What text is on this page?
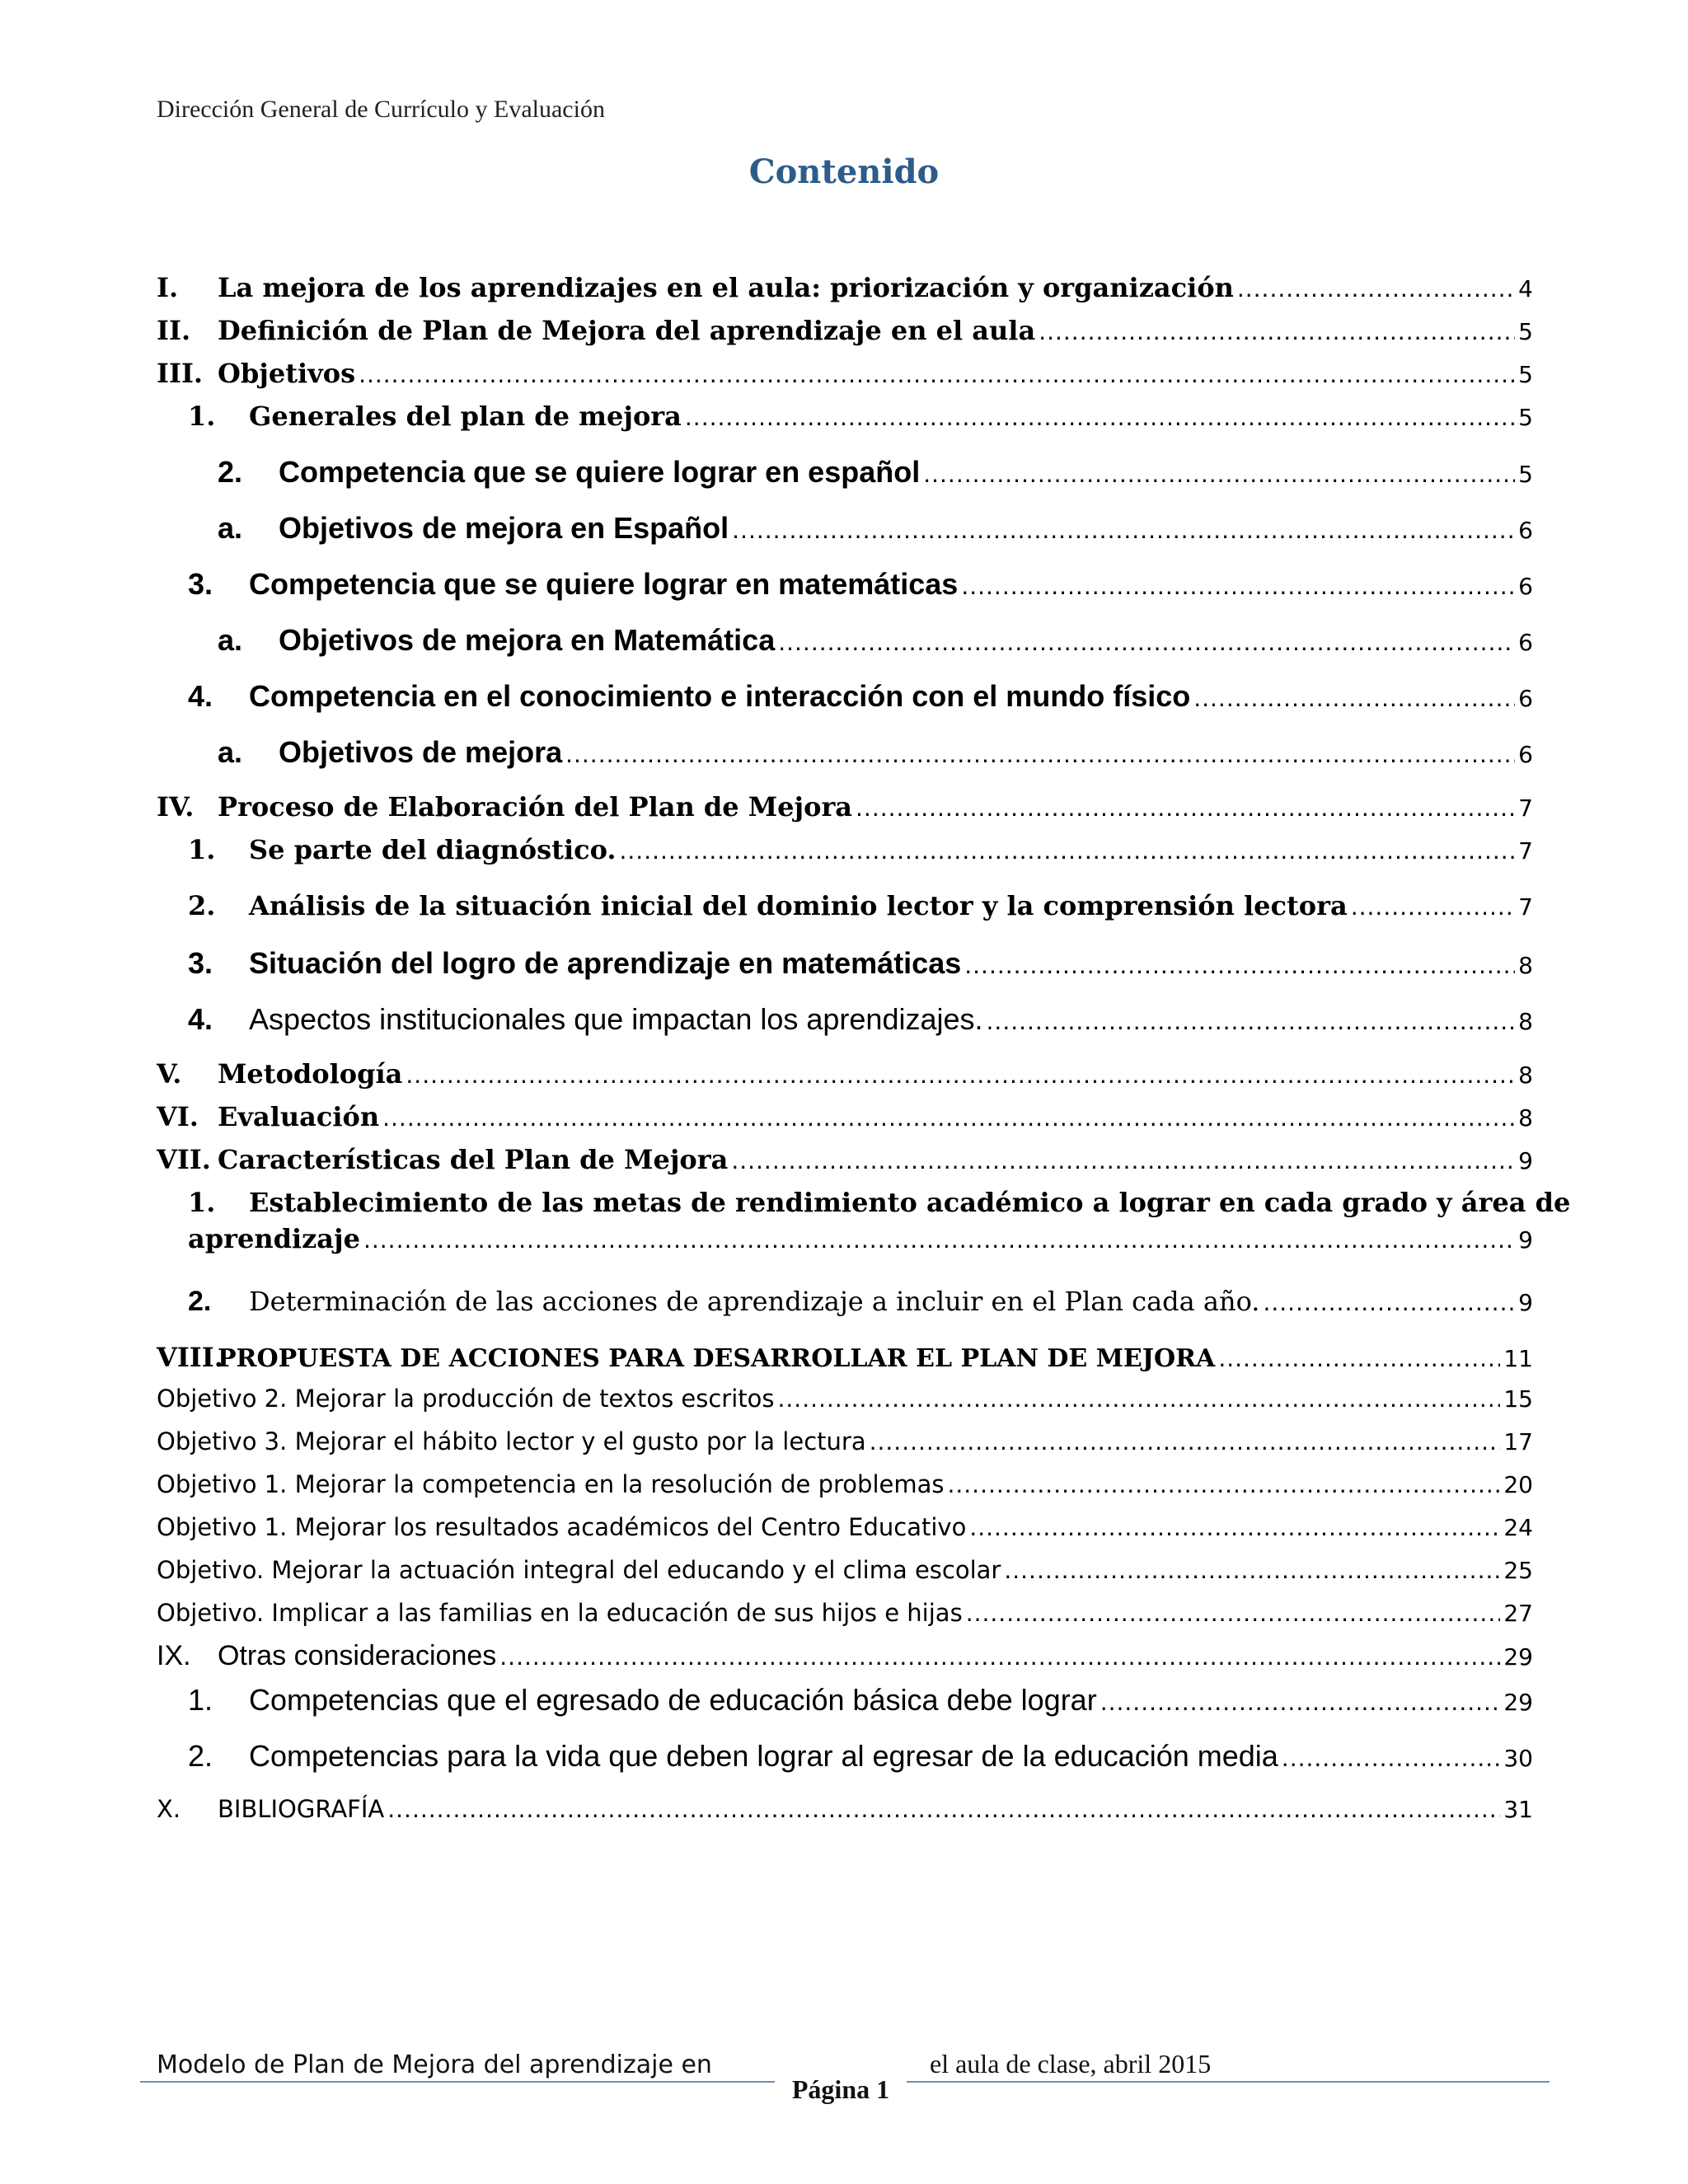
Dirección General de Currículo y Evaluación
Contenido
I.	La mejora de los aprendizajes en el aula: priorización y organización .....	4
II.	Definición de Plan de Mejora del aprendizaje en el aula .....	5
III. Objetivos .....	5
1.	Generales del plan de mejora .....	5
2.	Competencia que se quiere lograr en español .....	5
a.	Objetivos de mejora en Español .....	6
3.	Competencia que se quiere lograr en matemáticas .....	6
a.	Objetivos de mejora en Matemática .....	6
4.	Competencia en el conocimiento e interacción con el mundo físico .....	6
a.	Objetivos de mejora .....	6
IV. Proceso de Elaboración del Plan de Mejora .....	7
1.	Se parte del diagnóstico. .....	7
2.	Análisis de la situación inicial del dominio lector y la comprensión lectora .....	7
3.	Situación del logro de aprendizaje en matemáticas .....	8
4.	Aspectos institucionales que impactan los aprendizajes. .....	8
V.	Metodología .....	8
VI. Evaluación .....	8
VII. Características del Plan de Mejora .....	9
1. Establecimiento de las metas de rendimiento académico a lograr en cada grado y área de
aprendizaje .....	9
2.	Determinación de las acciones de aprendizaje a incluir en el Plan cada año. .....	9
VIII.
PROPUESTA DE ACCIONES PARA DESARROLLAR EL PLAN DE MEJORA .....	11
Objetivo 2. Mejorar la producción de textos escritos .....	15
Objetivo 3. Mejorar el hábito lector y el gusto por la lectura .....	17
Objetivo 1. Mejorar la competencia en la resolución de problemas .....	20
Objetivo 1. Mejorar los resultados académicos del Centro Educativo .....	24
Objetivo. Mejorar la actuación integral del educando y el clima escolar .....	25
Objetivo. Implicar a las familias en la educación de sus hijos e hijas .....	27
IX. Otras consideraciones .....	29
1.	Competencias que el egresado de educación básica debe lograr .....	29
2.	Competencias para la vida que deben lograr al egresar de la educación media .....	30
X.	BIBLIOGRAFÍA .....	31
Modelo de Plan de Mejora del aprendizaje en	el aula de clase, abril 2015
Página 1
